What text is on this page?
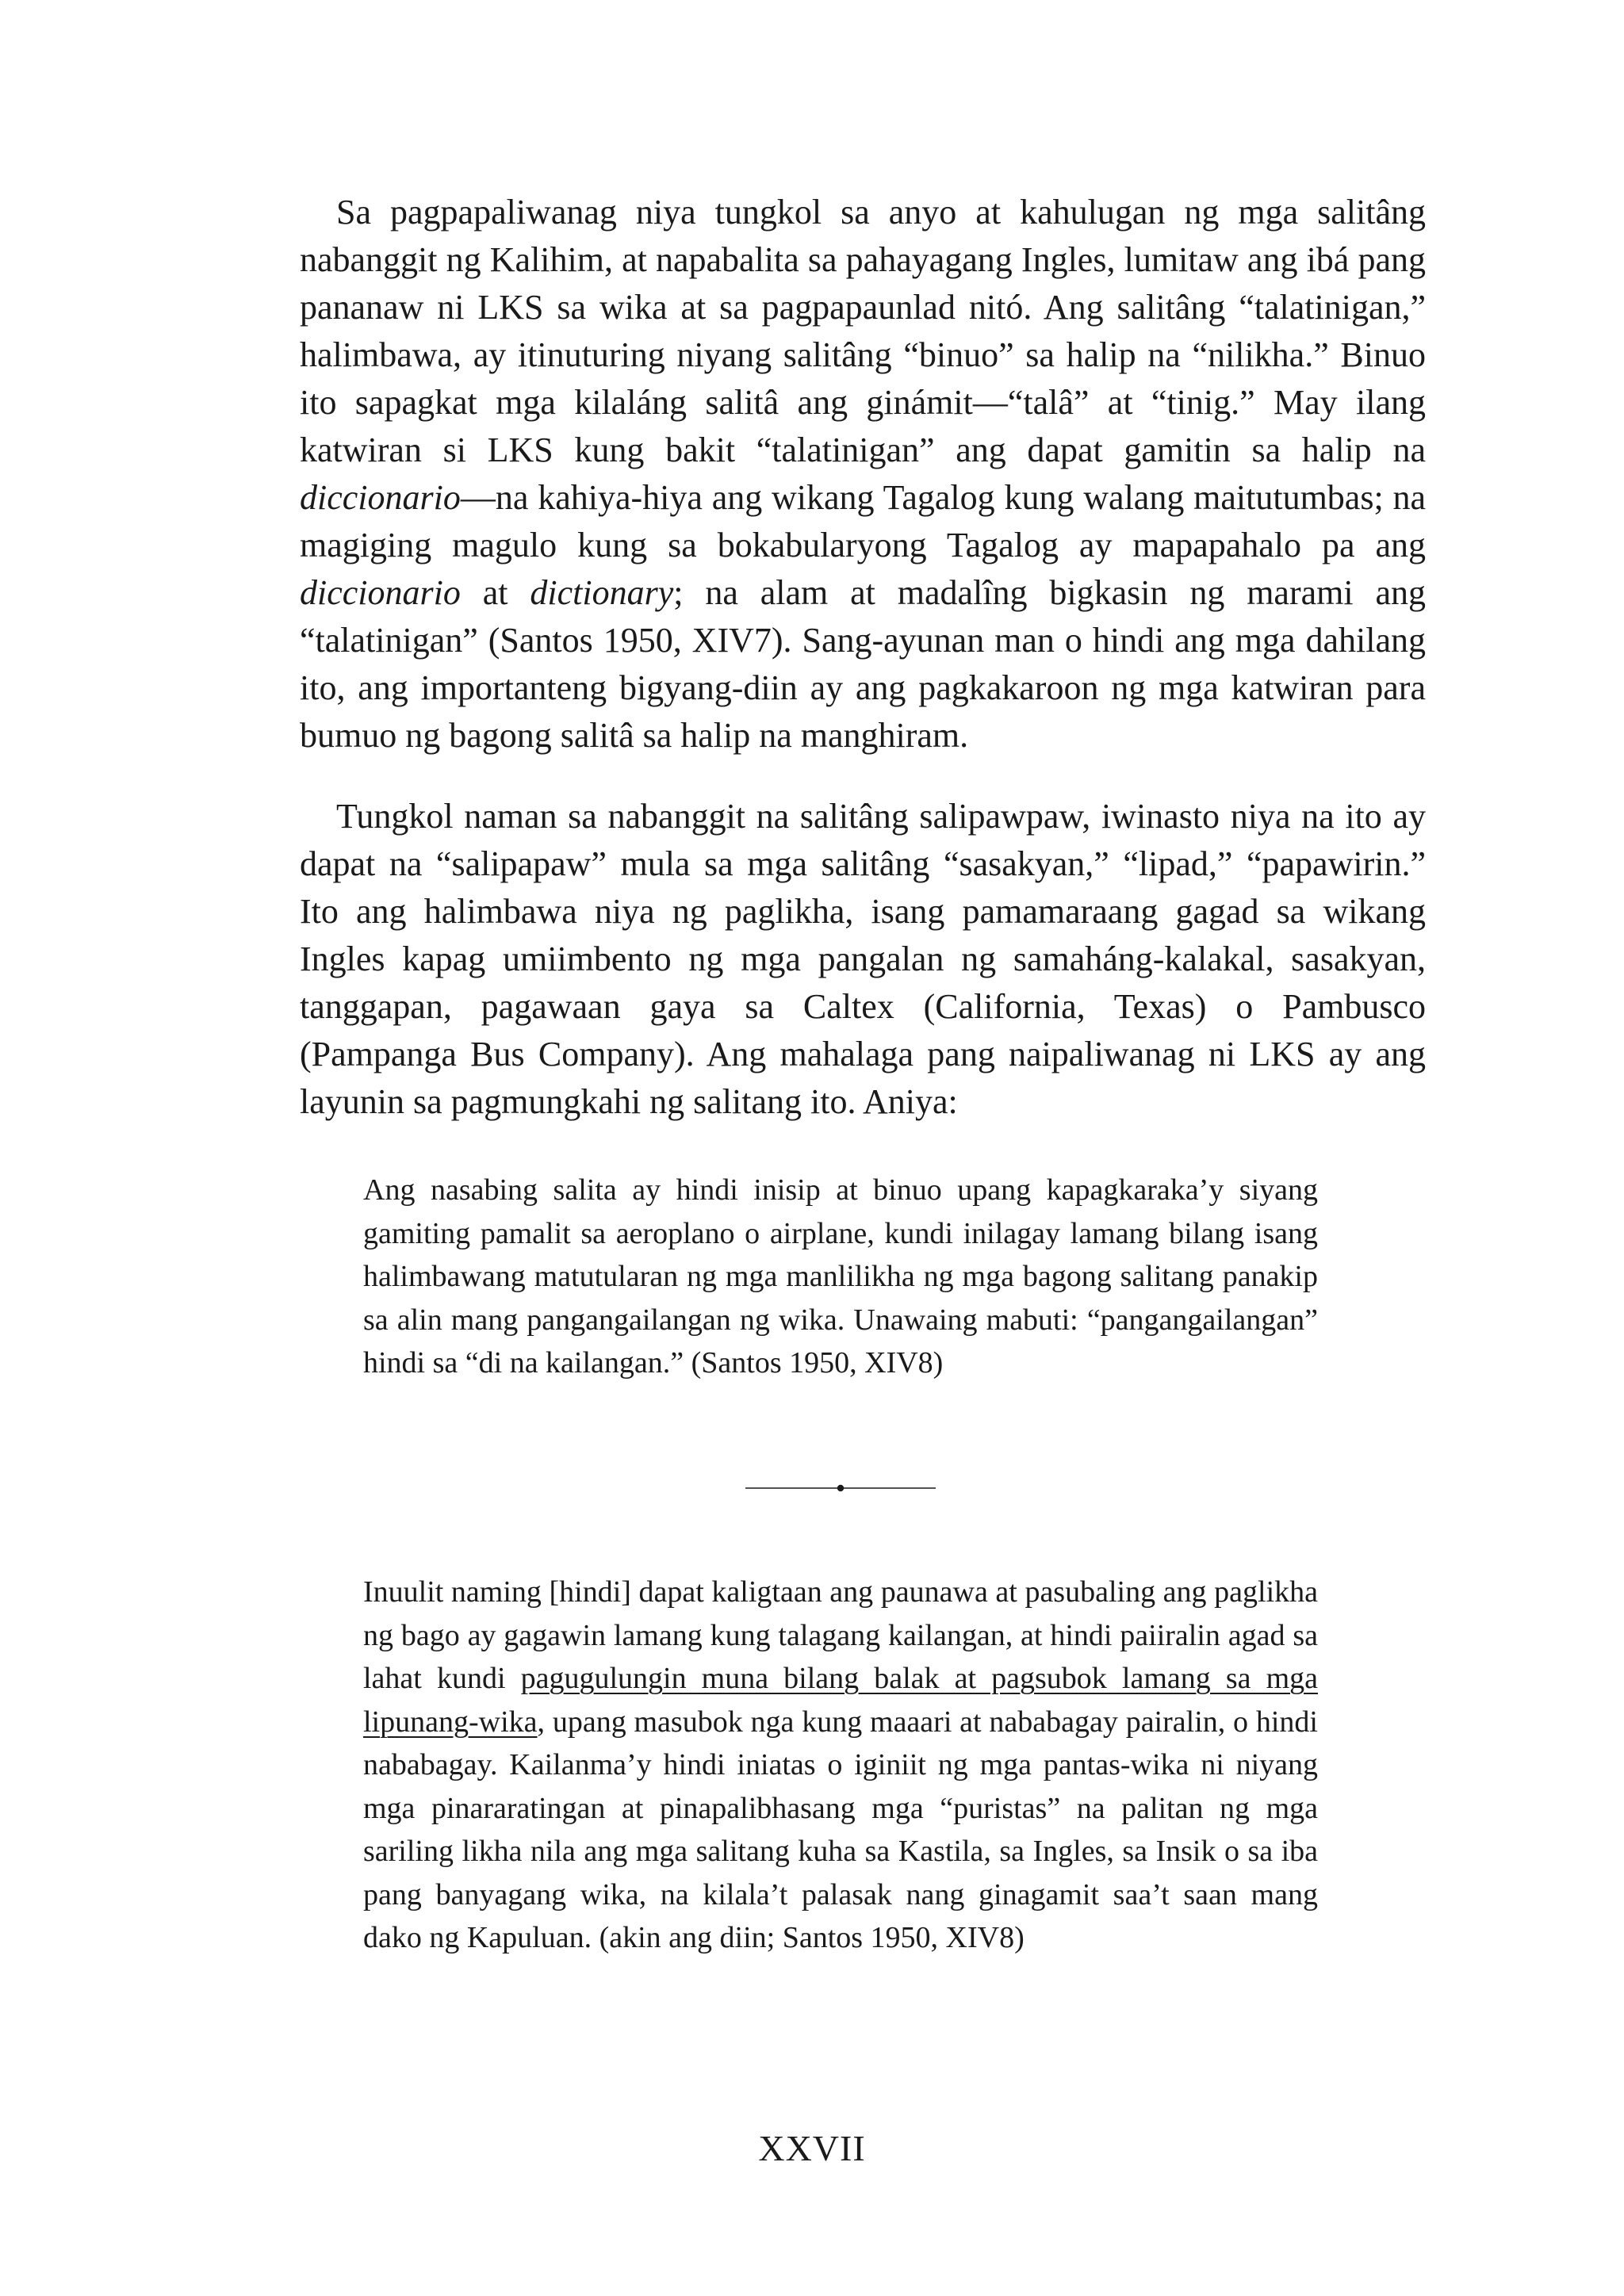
Sa pagpapaliwanag niya tungkol sa anyo at kahulugan ng mga salitâng nabanggit ng Kalihim, at napabalita sa pahayagang Ingles, lumitaw ang ibá pang pananaw ni LKS sa wika at sa pagpapaunlad nitó. Ang salitâng “talatinigan,” halimbawa, ay itinuturing niyang salitâng “binuo” sa halip na “nilikha.” Binuo ito sapagkat mga kilaláng salitâ ang ginámit—“talâ” at “tinig.” May ilang katwiran si LKS kung bakit “talatinigan” ang dapat gamitin sa halip na diccionario—na kahiya-hiya ang wikang Tagalog kung walang maitutumbas; na magiging magulo kung sa bokabularyong Tagalog ay mapapahalo pa ang diccionario at dictionary; na alam at madalîng bigkasin ng marami ang “talatinigan” (Santos 1950, XIV7). Sang-ayunan man o hindi ang mga dahilang ito, ang importanteng bigyang-diin ay ang pagkakaroon ng mga katwiran para bumuo ng bagong salitâ sa halip na manghiram.

Tungkol naman sa nabanggit na salitâng salipawpaw, iwinasto niya na ito ay dapat na “salipapaw” mula sa mga salitâng “sasakyan,” “lipad,” “papawirin.” Ito ang halimbawa niya ng paglikha, isang pamamaraang gagad sa wikang Ingles kapag umiimbento ng mga pangalan ng samaháng-kalakal, sasakyan, tanggapan, pagawaan gaya sa Caltex (California, Texas) o Pambusco (Pampanga Bus Company). Ang mahalaga pang naipaliwanag ni LKS ay ang layunin sa pagmungkahi ng salitang ito. Aniya:

Ang nasabing salita ay hindi inisip at binuo upang kapagkaraka’y siyang gamiting pamalit sa aeroplano o airplane, kundi inilagay lamang bilang isang halimbawang matutularan ng mga manlilikha ng mga bagong salitang panakip sa alin mang pangangailangan ng wika. Unawaing mabuti: “pangangailangan” hindi sa “di na kailangan.” (Santos 1950, XIV8)

Inuulit naming [hindi] dapat kaligtaan ang paunawa at pasubaling ang paglikha ng bago ay gagawin lamang kung talagang kailangan, at hindi paiiralin agad sa lahat kundi pagugulungin muna bilang balak at pagsubok lamang sa mga lipunang-wika, upang masubok nga kung maaari at nababagay pairalin, o hindi nababagay. Kailanma’y hindi iniatas o iginiit ng mga pantas-wika ni niyang mga pinararatingan at pinapalibhasang mga “puristas” na palitan ng mga sariling likha nila ang mga salitang kuha sa Kastila, sa Ingles, sa Insik o sa iba pang banyagang wika, na kilala’t palasak nang ginagamit saa’t saan mang dako ng Kapuluan. (akin ang diin; Santos 1950, XIV8)

XXVII
